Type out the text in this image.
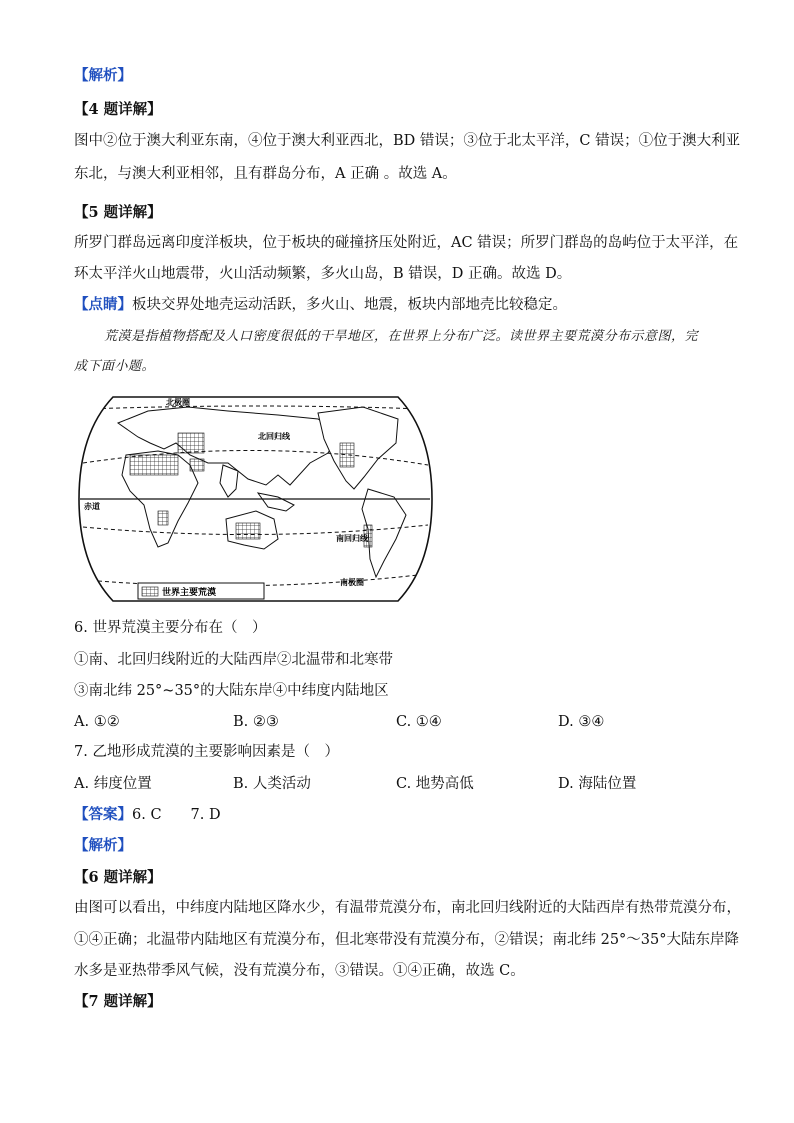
【解析】
【4 题详解】
图中②位于澳大利亚东南，④位于澳大利亚西北，BD 错误；③位于北太平洋，C 错误；①位于澳大利亚
东北，与澳大利亚相邻，且有群岛分布，A 正确 。故选 A。
【5 题详解】
所罗门群岛远离印度洋板块，位于板块的碰撞挤压处附近，AC 错误；所罗门群岛的岛屿位于太平洋，在
环太平洋火山地震带，火山活动频繁，多火山岛，B 错误，D 正确。故选 D。
【点睛】板块交界处地壳运动活跃，多火山、地震，板块内部地壳比较稳定。
荒漠是指植物搭配及人口密度很低的干旱地区，在世界上分布广泛。读世界主要荒漠分布示意图，完
成下面小题。
北极圈
北回归线
赤道
南回归线
南极圈
世界主要荒漠
6. 世界荒漠主要分布在（　）
①南、北回归线附近的大陆西岸②北温带和北寒带
③南北纬 25°~35°的大陆东岸④中纬度内陆地区
A. ①②	B. ②③	C. ①④	D. ③④
7. 乙地形成荒漠的主要影响因素是（　）
A. 纬度位置	B. 人类活动	C. 地势高低	D. 海陆位置
【答案】6. C　　7. D
【解析】
【6 题详解】
由图可以看出，中纬度内陆地区降水少，有温带荒漠分布，南北回归线附近的大陆西岸有热带荒漠分布，
①④正确；北温带内陆地区有荒漠分布，但北寒带没有荒漠分布，②错误；南北纬 25°～35°大陆东岸降
水多是亚热带季风气候，没有荒漠分布，③错误。①④正确，故选 C。
【7 题详解】
